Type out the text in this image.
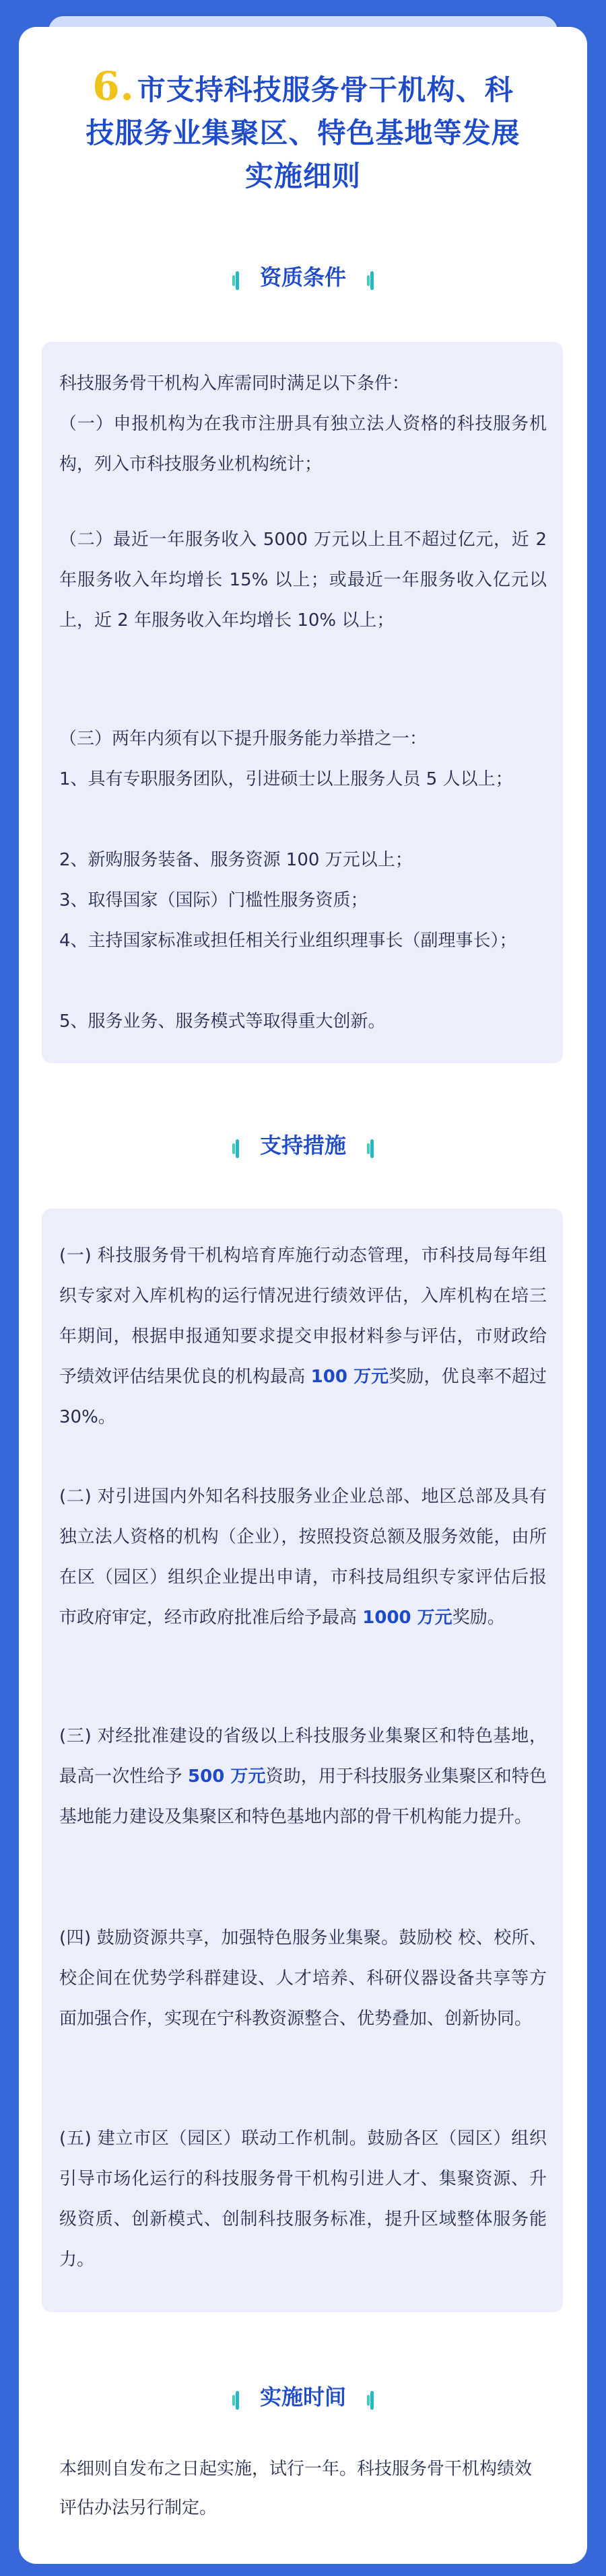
6.市支持科技服务骨干机构、科
技服务业集聚区、特色基地等发展
实施细则
资质条件
科技服务骨干机构入库需同时满足以下条件：
（一）申报机构为在我市注册具有独立法人资格的科技服务机构，列入市科技服务业机构统计；
（二）最近一年服务收入 5000 万元以上且不超过亿元，近 2 年服务收入年均增长 15% 以上；或最近一年服务收入亿元以上，近 2 年服务收入年均增长 10% 以上；
（三）两年内须有以下提升服务能力举措之一：
1、具有专职服务团队，引进硕士以上服务人员 5 人以上；
2、新购服务装备、服务资源 100 万元以上；
3、取得国家（国际）门槛性服务资质；
4、主持国家标准或担任相关行业组织理事长（副理事长）；
5、服务业务、服务模式等取得重大创新。
支持措施
(一) 科技服务骨干机构培育库施行动态管理，市科技局每年组织专家对入库机构的运行情况进行绩效评估，入库机构在培三年期间，根据申报通知要求提交申报材料参与评估，市财政给予绩效评估结果优良的机构最高 100 万元奖励，优良率不超过 30%。
(二) 对引进国内外知名科技服务业企业总部、地区总部及具有独立法人资格的机构（企业），按照投资总额及服务效能，由所在区（园区）组织企业提出申请，市科技局组织专家评估后报市政府审定，经市政府批准后给予最高 1000 万元奖励。
(三) 对经批准建设的省级以上科技服务业集聚区和特色基地，最高一次性给予 500 万元资助，用于科技服务业集聚区和特色基地能力建设及集聚区和特色基地内部的骨干机构能力提升。
(四) 鼓励资源共享，加强特色服务业集聚。鼓励校 校、校所、校企间在优势学科群建设、人才培养、科研仪器设备共享等方面加强合作，实现在宁科教资源整合、优势叠加、创新协同。
(五) 建立市区（园区）联动工作机制。鼓励各区（园区）组织引导市场化运行的科技服务骨干机构引进人才、集聚资源、升级资质、创新模式、创制科技服务标准，提升区域整体服务能力。
实施时间
本细则自发布之日起实施，试行一年。科技服务骨干机构绩效评估办法另行制定。
